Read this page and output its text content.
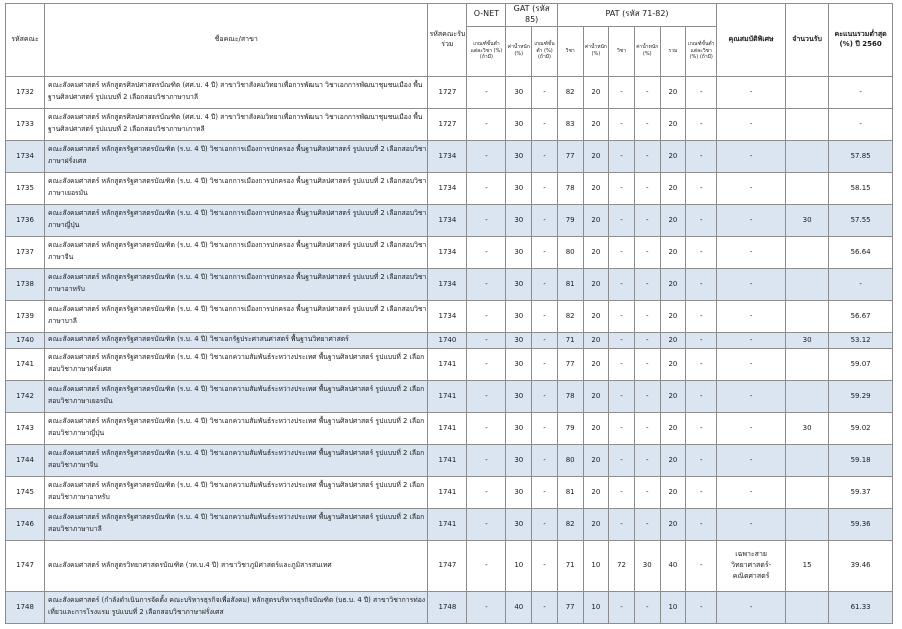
รหัสคณะ	ชื่อคณะ/สาขา	รหัสคณะรับร่วม	O-NET	GAT (รหัส 85)		PAT (รหัส 71-82)						คุณสมบัติพิเศษ	จำนวนรับ	คะแนนรวมต่ำสุด (%) ปี 2560
			เกณฑ์ขั้นต่ำแต่ละวิชา (%) (ถ้ามี)	ค่าน้ำหนัก (%)	เกณฑ์ขั้นต่ำ (%) (ถ้ามี)	วิชา	ค่าน้ำหนัก (%)	วิชา	ค่าน้ำหนัก (%)	รวม	เกณฑ์ขั้นต่ำแต่ละวิชา (%) (ถ้ามี)			
1732	คณะสังคมศาสตร์ หลักสูตรศิลปศาสตรบัณฑิต (ศศ.บ. 4 ปี) สาขาวิชาสังคมวิทยาเพื่อการพัฒนา วิชาเอกการพัฒนาชุมชนเมือง พื้นฐานศิลปศาสตร์ รูปแบบที่ 2 เลือกสอบวิชาภาษาบาลี	1727	-	30	-	82	20	-	-	20	-	-		-
1733	คณะสังคมศาสตร์ หลักสูตรศิลปศาสตรบัณฑิต (ศศ.บ. 4 ปี) สาขาวิชาสังคมวิทยาเพื่อการพัฒนา วิชาเอกการพัฒนาชุมชนเมือง พื้นฐานศิลปศาสตร์ รูปแบบที่ 2 เลือกสอบวิชาภาษาเกาหลี	1727	-	30	-	83	20	-	-	20	-	-		-
1734	คณะสังคมศาสตร์ หลักสูตรรัฐศาสตรบัณฑิต (ร.บ. 4 ปี) วิชาเอกการเมืองการปกครอง พื้นฐานศิลปศาสตร์ รูปแบบที่ 2 เลือกสอบวิชาภาษาฝรั่งเศส	1734	-	30	-	77	20	-	-	20	-	-		57.85
1735	คณะสังคมศาสตร์ หลักสูตรรัฐศาสตรบัณฑิต (ร.บ. 4 ปี) วิชาเอกการเมืองการปกครอง พื้นฐานศิลปศาสตร์ รูปแบบที่ 2 เลือกสอบวิชาภาษาเยอรมัน	1734	-	30	-	78	20	-	-	20	-	-		58.15
1736	คณะสังคมศาสตร์ หลักสูตรรัฐศาสตรบัณฑิต (ร.บ. 4 ปี) วิชาเอกการเมืองการปกครอง พื้นฐานศิลปศาสตร์ รูปแบบที่ 2 เลือกสอบวิชาภาษาญี่ปุ่น	1734	-	30	-	79	20	-	-	20	-	-	30	57.55
1737	คณะสังคมศาสตร์ หลักสูตรรัฐศาสตรบัณฑิต (ร.บ. 4 ปี) วิชาเอกการเมืองการปกครอง พื้นฐานศิลปศาสตร์ รูปแบบที่ 2 เลือกสอบวิชาภาษาจีน	1734	-	30	-	80	20	-	-	20	-	-		56.64
1738	คณะสังคมศาสตร์ หลักสูตรรัฐศาสตรบัณฑิต (ร.บ. 4 ปี) วิชาเอกการเมืองการปกครอง พื้นฐานศิลปศาสตร์ รูปแบบที่ 2 เลือกสอบวิชาภาษาอาหรับ	1734	-	30	-	81	20	-	-	20	-	-		-
1739	คณะสังคมศาสตร์ หลักสูตรรัฐศาสตรบัณฑิต (ร.บ. 4 ปี) วิชาเอกการเมืองการปกครอง พื้นฐานศิลปศาสตร์ รูปแบบที่ 2 เลือกสอบวิชาภาษาบาลี	1734	-	30	-	82	20	-	-	20	-	-		56.67
1740	คณะสังคมศาสตร์ หลักสูตรรัฐศาสตรบัณฑิต (ร.บ. 4 ปี) วิชาเอกรัฐประศาสนศาสตร์ พื้นฐานวิทยาศาสตร์	1740	-	30	-	71	20	-	-	20	-	-	30	53.12
1741	คณะสังคมศาสตร์ หลักสูตรรัฐศาสตรบัณฑิต (ร.บ. 4 ปี) วิชาเอกความสัมพันธ์ระหว่างประเทศ พื้นฐานศิลปศาสตร์ รูปแบบที่ 2 เลือกสอบวิชาภาษาฝรั่งเศส	1741	-	30	-	77	20	-	-	20	-	-		59.07
1742	คณะสังคมศาสตร์ หลักสูตรรัฐศาสตรบัณฑิต (ร.บ. 4 ปี) วิชาเอกความสัมพันธ์ระหว่างประเทศ พื้นฐานศิลปศาสตร์ รูปแบบที่ 2 เลือกสอบวิชาภาษาเยอรมัน	1741	-	30	-	78	20	-	-	20	-	-		59.29
1743	คณะสังคมศาสตร์ หลักสูตรรัฐศาสตรบัณฑิต (ร.บ. 4 ปี) วิชาเอกความสัมพันธ์ระหว่างประเทศ พื้นฐานศิลปศาสตร์ รูปแบบที่ 2 เลือกสอบวิชาภาษาญี่ปุ่น	1741	-	30	-	79	20	-	-	20	-	-	30	59.02
1744	คณะสังคมศาสตร์ หลักสูตรรัฐศาสตรบัณฑิต (ร.บ. 4 ปี) วิชาเอกความสัมพันธ์ระหว่างประเทศ พื้นฐานศิลปศาสตร์ รูปแบบที่ 2 เลือกสอบวิชาภาษาจีน	1741	-	30	-	80	20	-	-	20	-	-		59.18
1745	คณะสังคมศาสตร์ หลักสูตรรัฐศาสตรบัณฑิต (ร.บ. 4 ปี) วิชาเอกความสัมพันธ์ระหว่างประเทศ พื้นฐานศิลปศาสตร์ รูปแบบที่ 2 เลือกสอบวิชาภาษาอาหรับ	1741	-	30	-	81	20	-	-	20	-	-		59.37
1746	คณะสังคมศาสตร์ หลักสูตรรัฐศาสตรบัณฑิต (ร.บ. 4 ปี) วิชาเอกความสัมพันธ์ระหว่างประเทศ พื้นฐานศิลปศาสตร์ รูปแบบที่ 2 เลือกสอบวิชาภาษาบาลี	1741	-	30	-	82	20	-	-	20	-	-		59.36
1747	คณะสังคมศาสตร์ หลักสูตรวิทยาศาสตรบัณฑิต (วท.บ.4 ปี) สาขาวิชาภูมิศาสตร์และภูมิสารสนเทศ	1747	-	10	-	71	10	72	30	40	-	เฉพาะสายวิทยาศาสตร์-คณิตศาสตร์	15	39.46
1748	คณะสังคมศาสตร์ (กำลังดำเนินการจัดตั้ง คณะบริหารธุรกิจเพื่อสังคม) หลักสูตรบริหารธุรกิจบัณฑิต (บธ.บ. 4 ปี) สาขาวิชาการท่องเที่ยวและการโรงแรม รูปแบบที่ 2 เลือกสอบวิชาภาษาฝรั่งเศส	1748	-	40	-	77	10	-	-	10	-	-		61.33
